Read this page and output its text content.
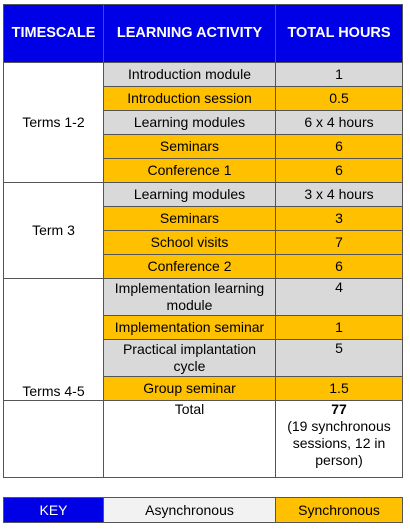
TIMESCALE	LEARNING ACTIVITY	TOTAL HOURS
Terms 1-2	Introduction module	1
	Introduction session	0.5
	Learning modules	6 x 4 hours
	Seminars	6
	Conference 1	6
Term 3	Learning modules	3 x 4 hours
	Seminars	3
	School visits	7
	Conference 2	6
Terms 4-5	Implementation learning module	4
	Implementation seminar	1
	Practical implantation cycle	5
	Group seminar	1.5
	Total	77
(19 synchronous sessions, 12 in person)
KEY	Asynchronous	Synchronous
